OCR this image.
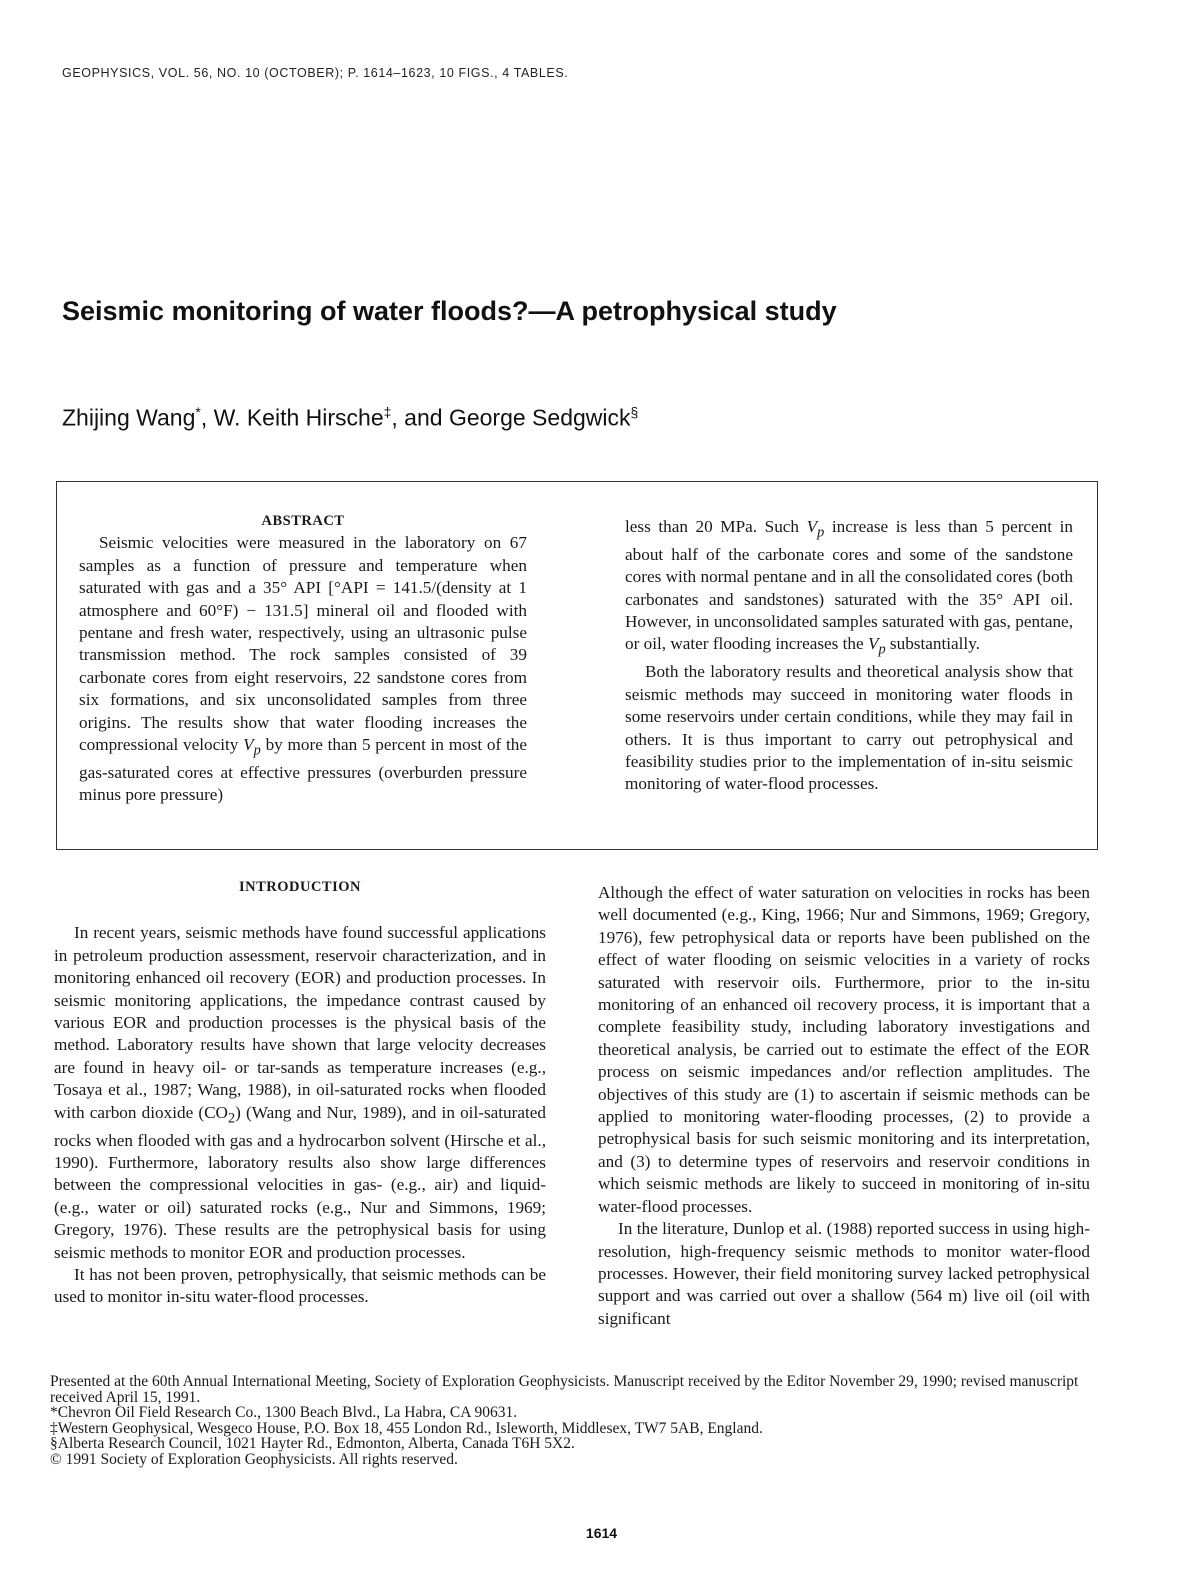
GEOPHYSICS, VOL. 56, NO. 10 (OCTOBER); P. 1614–1623, 10 FIGS., 4 TABLES.
Seismic monitoring of water floods?—A petrophysical study
Zhijing Wang*, W. Keith Hirsche‡, and George Sedgwick§
ABSTRACT

Seismic velocities were measured in the laboratory on 67 samples as a function of pressure and temperature when saturated with gas and a 35° API [°API = 141.5/(density at 1 atmosphere and 60°F) − 131.5] mineral oil and flooded with pentane and fresh water, respectively, using an ultrasonic pulse transmission method. The rock samples consisted of 39 carbonate cores from eight reservoirs, 22 sandstone cores from six formations, and six unconsolidated samples from three origins. The results show that water flooding increases the compressional velocity $V_p$ by more than 5 percent in most of the gas-saturated cores at effective pressures (overburden pressure minus pore pressure)

less than 20 MPa. Such $V_p$ increase is less than 5 percent in about half of the carbonate cores and some of the sandstone cores with normal pentane and in all the consolidated cores (both carbonates and sandstones) saturated with the 35° API oil. However, in unconsolidated samples saturated with gas, pentane, or oil, water flooding increases the $V_p$ substantially.

Both the laboratory results and theoretical analysis show that seismic methods may succeed in monitoring water floods in some reservoirs under certain conditions, while they may fail in others. It is thus important to carry out petrophysical and feasibility studies prior to the implementation of in-situ seismic monitoring of water-flood processes.

INTRODUCTION

In recent years, seismic methods have found successful applications in petroleum production assessment, reservoir characterization, and in monitoring enhanced oil recovery (EOR) and production processes. In seismic monitoring applications, the impedance contrast caused by various EOR and production processes is the physical basis of the method. Laboratory results have shown that large velocity decreases are found in heavy oil- or tar-sands as temperature increases (e.g., Tosaya et al., 1987; Wang, 1988), in oil-saturated rocks when flooded with carbon dioxide $(CO_2)$ (Wang and Nur, 1989), and in oil-saturated rocks when flooded with gas and a hydrocarbon solvent (Hirsche et al., 1990). Furthermore, laboratory results also show large differences between the compressional velocities in gas- (e.g., air) and liquid- (e.g., water or oil) saturated rocks (e.g., Nur and Simmons, 1969; Gregory, 1976). These results are the petrophysical basis for using seismic methods to monitor EOR and production processes.

It has not been proven, petrophysically, that seismic methods can be used to monitor in-situ water-flood processes.

Although the effect of water saturation on velocities in rocks has been well documented (e.g., King, 1966; Nur and Simmons, 1969; Gregory, 1976), few petrophysical data or reports have been published on the effect of water flooding on seismic velocities in a variety of rocks saturated with reservoir oils. Furthermore, prior to the in-situ monitoring of an enhanced oil recovery process, it is important that a complete feasibility study, including laboratory investigations and theoretical analysis, be carried out to estimate the effect of the EOR process on seismic impedances and/or reflection amplitudes. The objectives of this study are (1) to ascertain if seismic methods can be applied to monitoring water-flooding processes, (2) to provide a petrophysical basis for such seismic monitoring and its interpretation, and (3) to determine types of reservoirs and reservoir conditions in which seismic methods are likely to succeed in monitoring of in-situ water-flood processes.

In the literature, Dunlop et al. (1988) reported success in using high-resolution, high-frequency seismic methods to monitor water-flood processes. However, their field monitoring survey lacked petrophysical support and was carried out over a shallow (564 m) live oil (oil with significant

Presented at the 60th Annual International Meeting, Society of Exploration Geophysicists. Manuscript received by the Editor November 29, 1990; revised manuscript received April 15, 1991.

*Chevron Oil Field Research Co., 1300 Beach Blvd., La Habra, CA 90631.

‡Western Geophysical, Wesgeco House, P.O. Box 18, 455 London Rd., Isleworth, Middlesex, TW7 5AB, England.

§Alberta Research Council, 1021 Hayter Rd., Edmonton, Alberta, Canada T6H 5X2.

© 1991 Society of Exploration Geophysicists. All rights reserved.

1614
